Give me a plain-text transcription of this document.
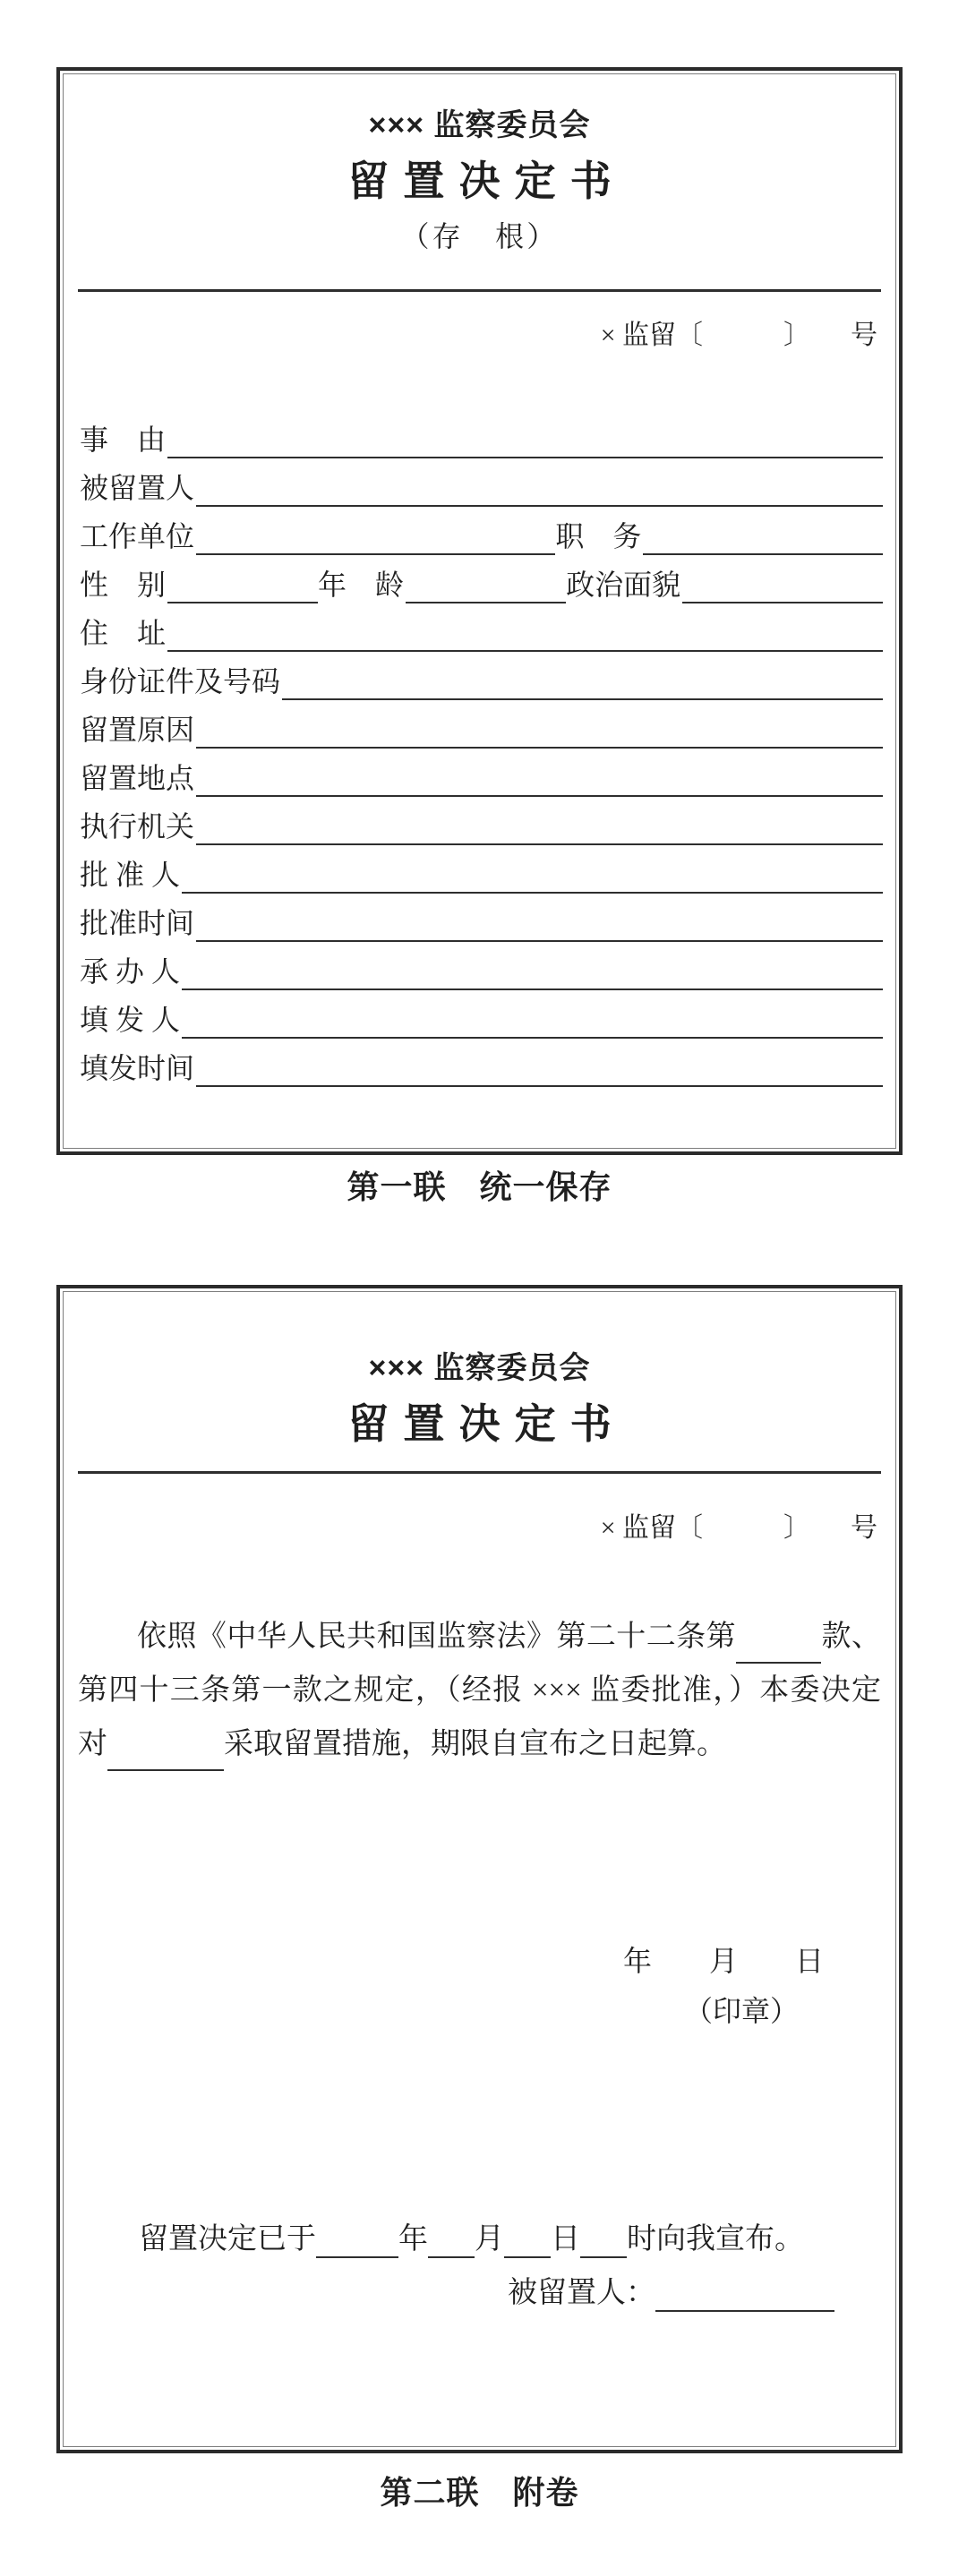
××× 监察委员会
留置决定书
（存　根）
× 监留〔　　　〕　　号
事　由
被留置人
工作单位	职　务
性　别	年　龄	政治面貌
住　址
身份证件及号码
留置原因
留置地点
执行机关
批 准 人
批准时间
承 办 人
填 发 人
填发时间
第一联　统一保存
××× 监察委员会
留置决定书
× 监留〔　　　〕　　号

依照《中华人民共和国监察法》第二十二条第	款、第四十三条第一款之规定，（经报 ××× 监委批准，）本委决定对	采取留置措施，期限自宣布之日起算。

年　　月　　日
（印章）
留置决定已于	年 月 日 时向我宣布。
被留置人：
第二联　附卷
